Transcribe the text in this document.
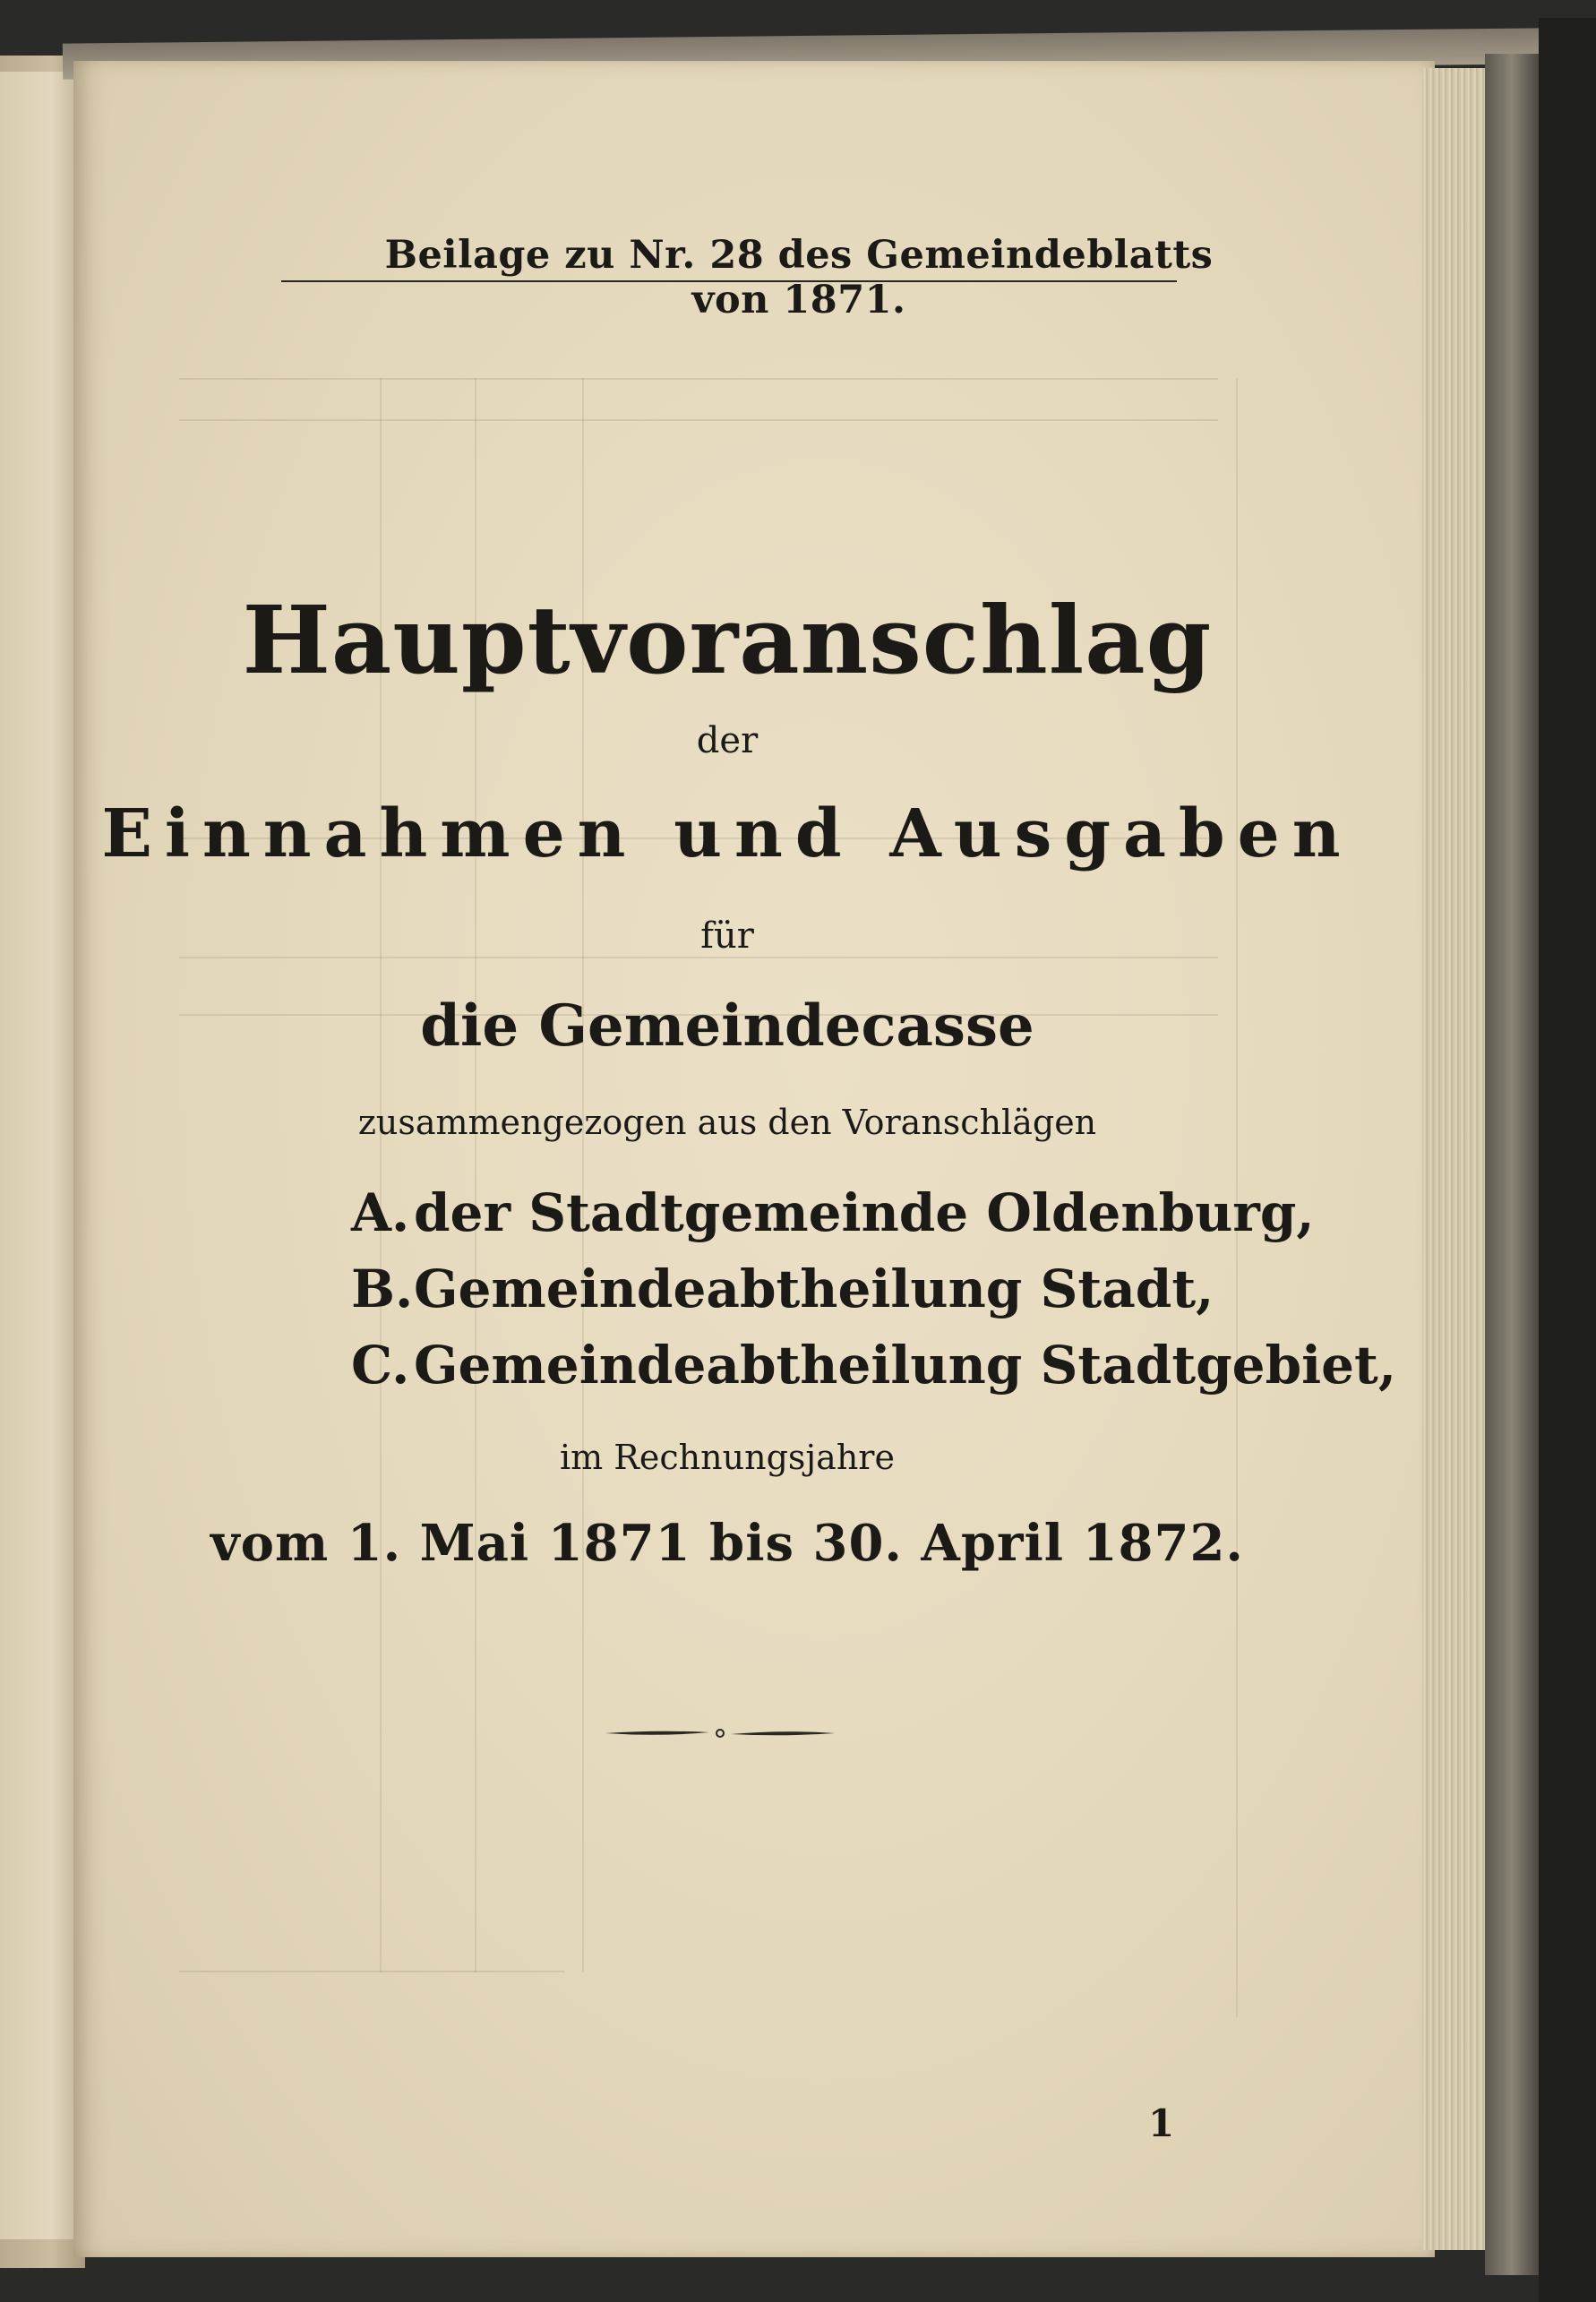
Beilage zu Nr. 28 des Gemeindeblatts von 1871.
Hauptvoranschlag
der
Einnahmen und Ausgaben
für
die Gemeindecasse
zusammengezogen aus den Voranschlägen
A.der Stadtgemeinde Oldenburg,
B.Gemeindeabtheilung Stadt,
C.Gemeindeabtheilung Stadtgebiet,
im Rechnungsjahre
vom 1. Mai 1871 bis 30. April 1872.
1
